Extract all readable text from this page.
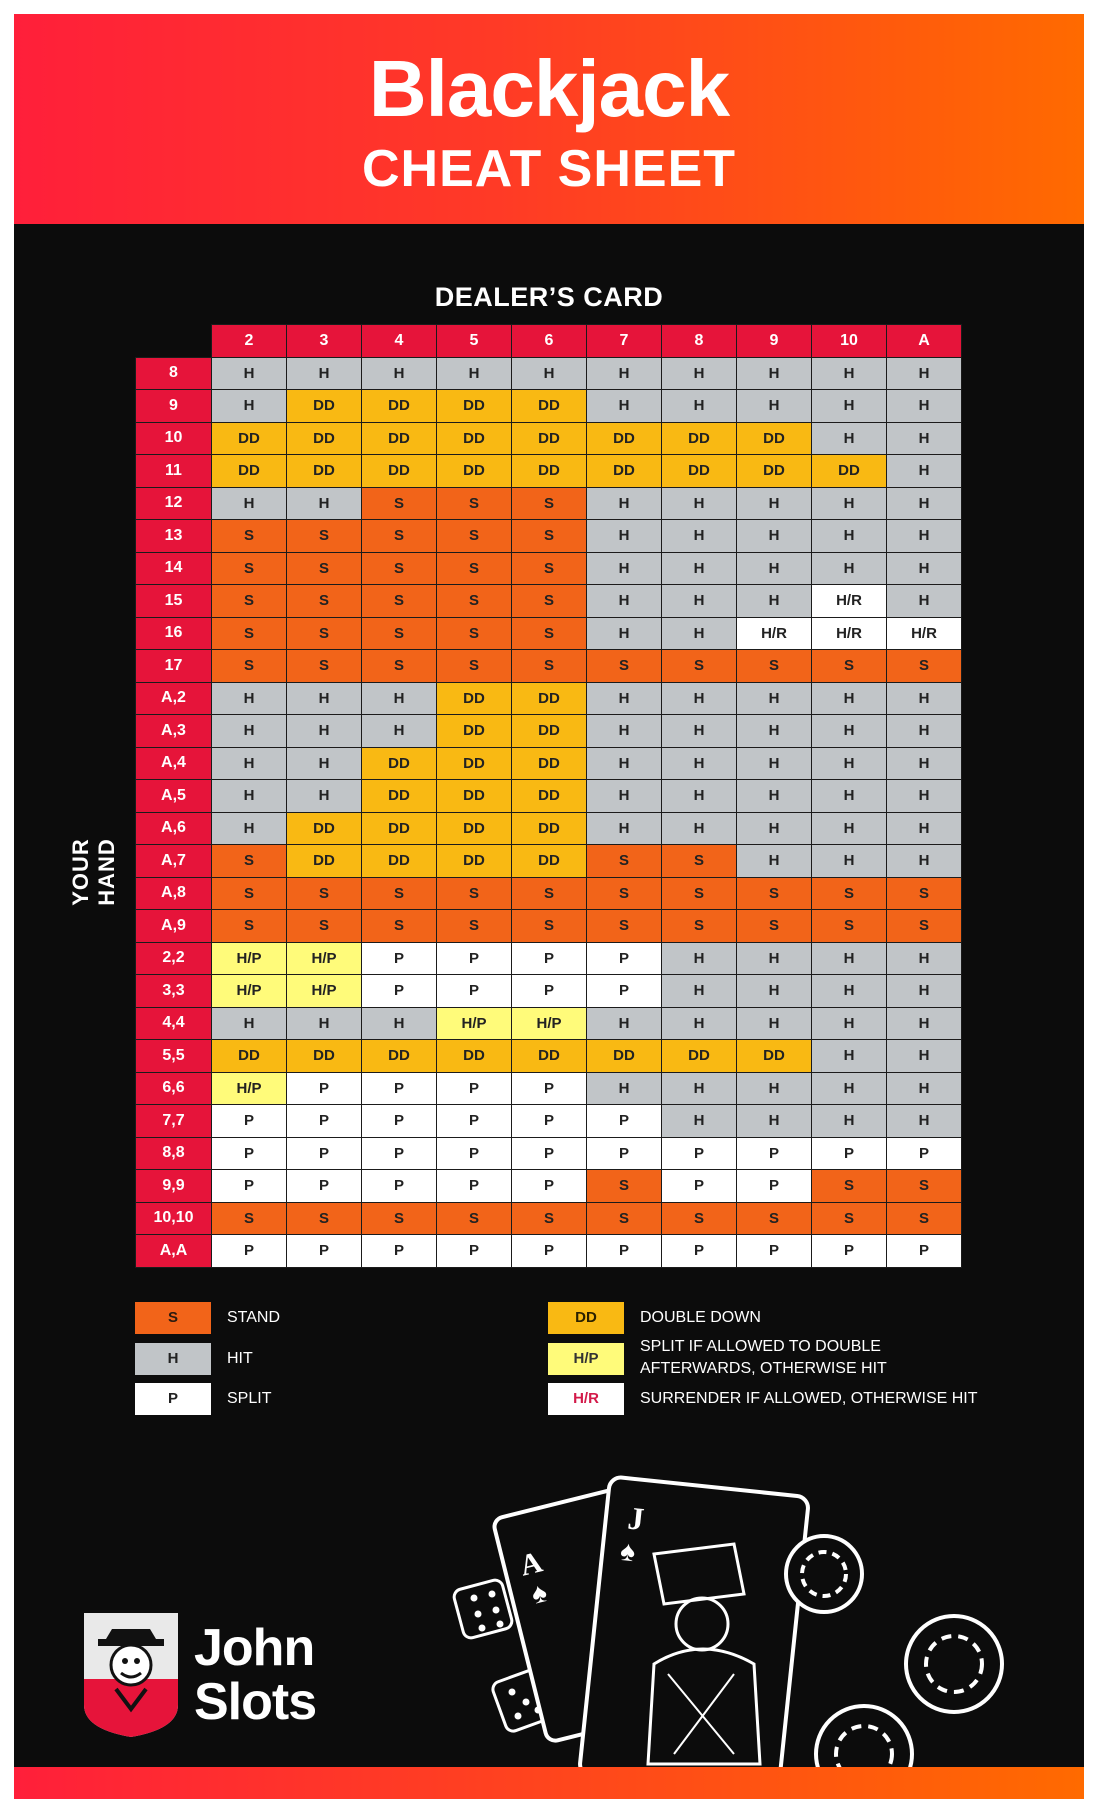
Blackjack
CHEAT SHEET
DEALER’S CARD
YOUR HAND
	2	3	4	5	6	7	8	9	10	A
8	H	H	H	H	H	H	H	H	H	H
9	H	DD	DD	DD	DD	H	H	H	H	H
10	DD	DD	DD	DD	DD	DD	DD	DD	H	H
11	DD	DD	DD	DD	DD	DD	DD	DD	DD	H
12	H	H	S	S	S	H	H	H	H	H
13	S	S	S	S	S	H	H	H	H	H
14	S	S	S	S	S	H	H	H	H	H
15	S	S	S	S	S	H	H	H	H/R	H
16	S	S	S	S	S	H	H	H/R	H/R	H/R
17	S	S	S	S	S	S	S	S	S	S
A,2	H	H	H	DD	DD	H	H	H	H	H
A,3	H	H	H	DD	DD	H	H	H	H	H
A,4	H	H	DD	DD	DD	H	H	H	H	H
A,5	H	H	DD	DD	DD	H	H	H	H	H
A,6	H	DD	DD	DD	DD	H	H	H	H	H
A,7	S	DD	DD	DD	DD	S	S	H	H	H
A,8	S	S	S	S	S	S	S	S	S	S
A,9	S	S	S	S	S	S	S	S	S	S
2,2	H/P	H/P	P	P	P	P	H	H	H	H
3,3	H/P	H/P	P	P	P	P	H	H	H	H
4,4	H	H	H	H/P	H/P	H	H	H	H	H
5,5	DD	DD	DD	DD	DD	DD	DD	DD	H	H
6,6	H/P	P	P	P	P	H	H	H	H	H
7,7	P	P	P	P	P	P	H	H	H	H
8,8	P	P	P	P	P	P	P	P	P	P
9,9	P	P	P	P	P	S	P	P	S	S
10,10	S	S	S	S	S	S	S	S	S	S
A,A	P	P	P	P	P	P	P	P	P	P
S	STAND
H	HIT
P	SPLIT
DD	DOUBLE DOWN
H/P
SPLIT IF ALLOWED TO DOUBLE
AFTERWARDS, OTHERWISE HIT
H/R	SURRENDER IF ALLOWED, OTHERWISE HIT
John
Slots
A
♠
J
♠
